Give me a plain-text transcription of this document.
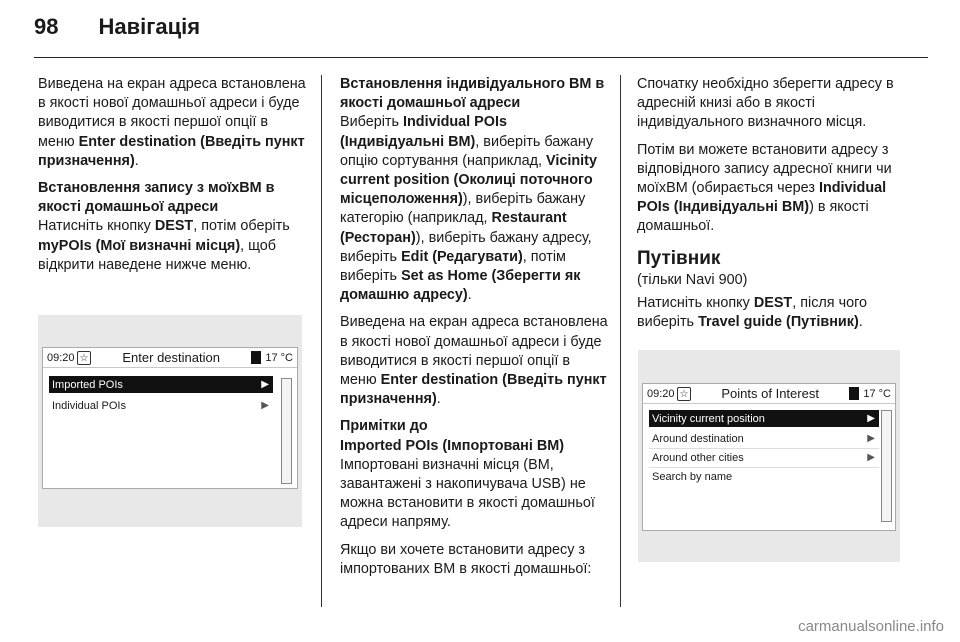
98 Навігація

Виведена на екран адреса встановлена в якості нової домашньої адреси і буде виводитися в якості першої опції в меню Enter destination (Введіть пункт призначення).

Встановлення запису з моїхВМ в якості домашньої адреси

Натисніть кнопку DEST, потім оберіть myPOIs (Мої визначні місця), щоб відкрити наведене нижче меню.

09:20 ☆	Enter destination	17 °C
Imported POIs	▶
Individual POIs	▶
Встановлення індивідуального ВМ в якості домашньої адреси

Виберіть Individual POIs (Індивідуальні ВМ), виберіть бажану опцію сортування (наприклад, Vicinity current position (Околиці поточного місцеположення)), виберіть бажану категорію (наприклад, Restaurant (Ресторан)), виберіть бажану адресу, виберіть Edit (Редагувати), потім виберіть Set as Home (Зберегти як домашню адресу).

Виведена на екран адреса встановлена в якості нової домашньої адреси і буде виводитися в якості першої опції в меню Enter destination (Введіть пункт призначення).

Примітки до
Imported POIs (Імпортовані ВМ)

Імпортовані визначні місця (ВМ, завантажені з накопичувача USB) не можна встановити в якості домашньої адреси напряму.

Якщо ви хочете встановити адресу з імпортованих ВМ в якості домашньої:

Спочатку необхідно зберегти адресу в адресній книзі або в якості індивідуального визначного місця.

Потім ви можете встановити адресу з відповідного запису адресної книги чи моїхВМ (обирається через Individual POIs (Індивідуальні ВМ)) в якості домашньої.

Путівник

(тільки Navi 900)

Натисніть кнопку DEST, після чого виберіть Travel guide (Путівник).

09:20 ☆	Points of Interest	17 °C
Vicinity current position	▶
Around destination	▶
Around other cities	▶
Search by name
carmanualsonline.info
